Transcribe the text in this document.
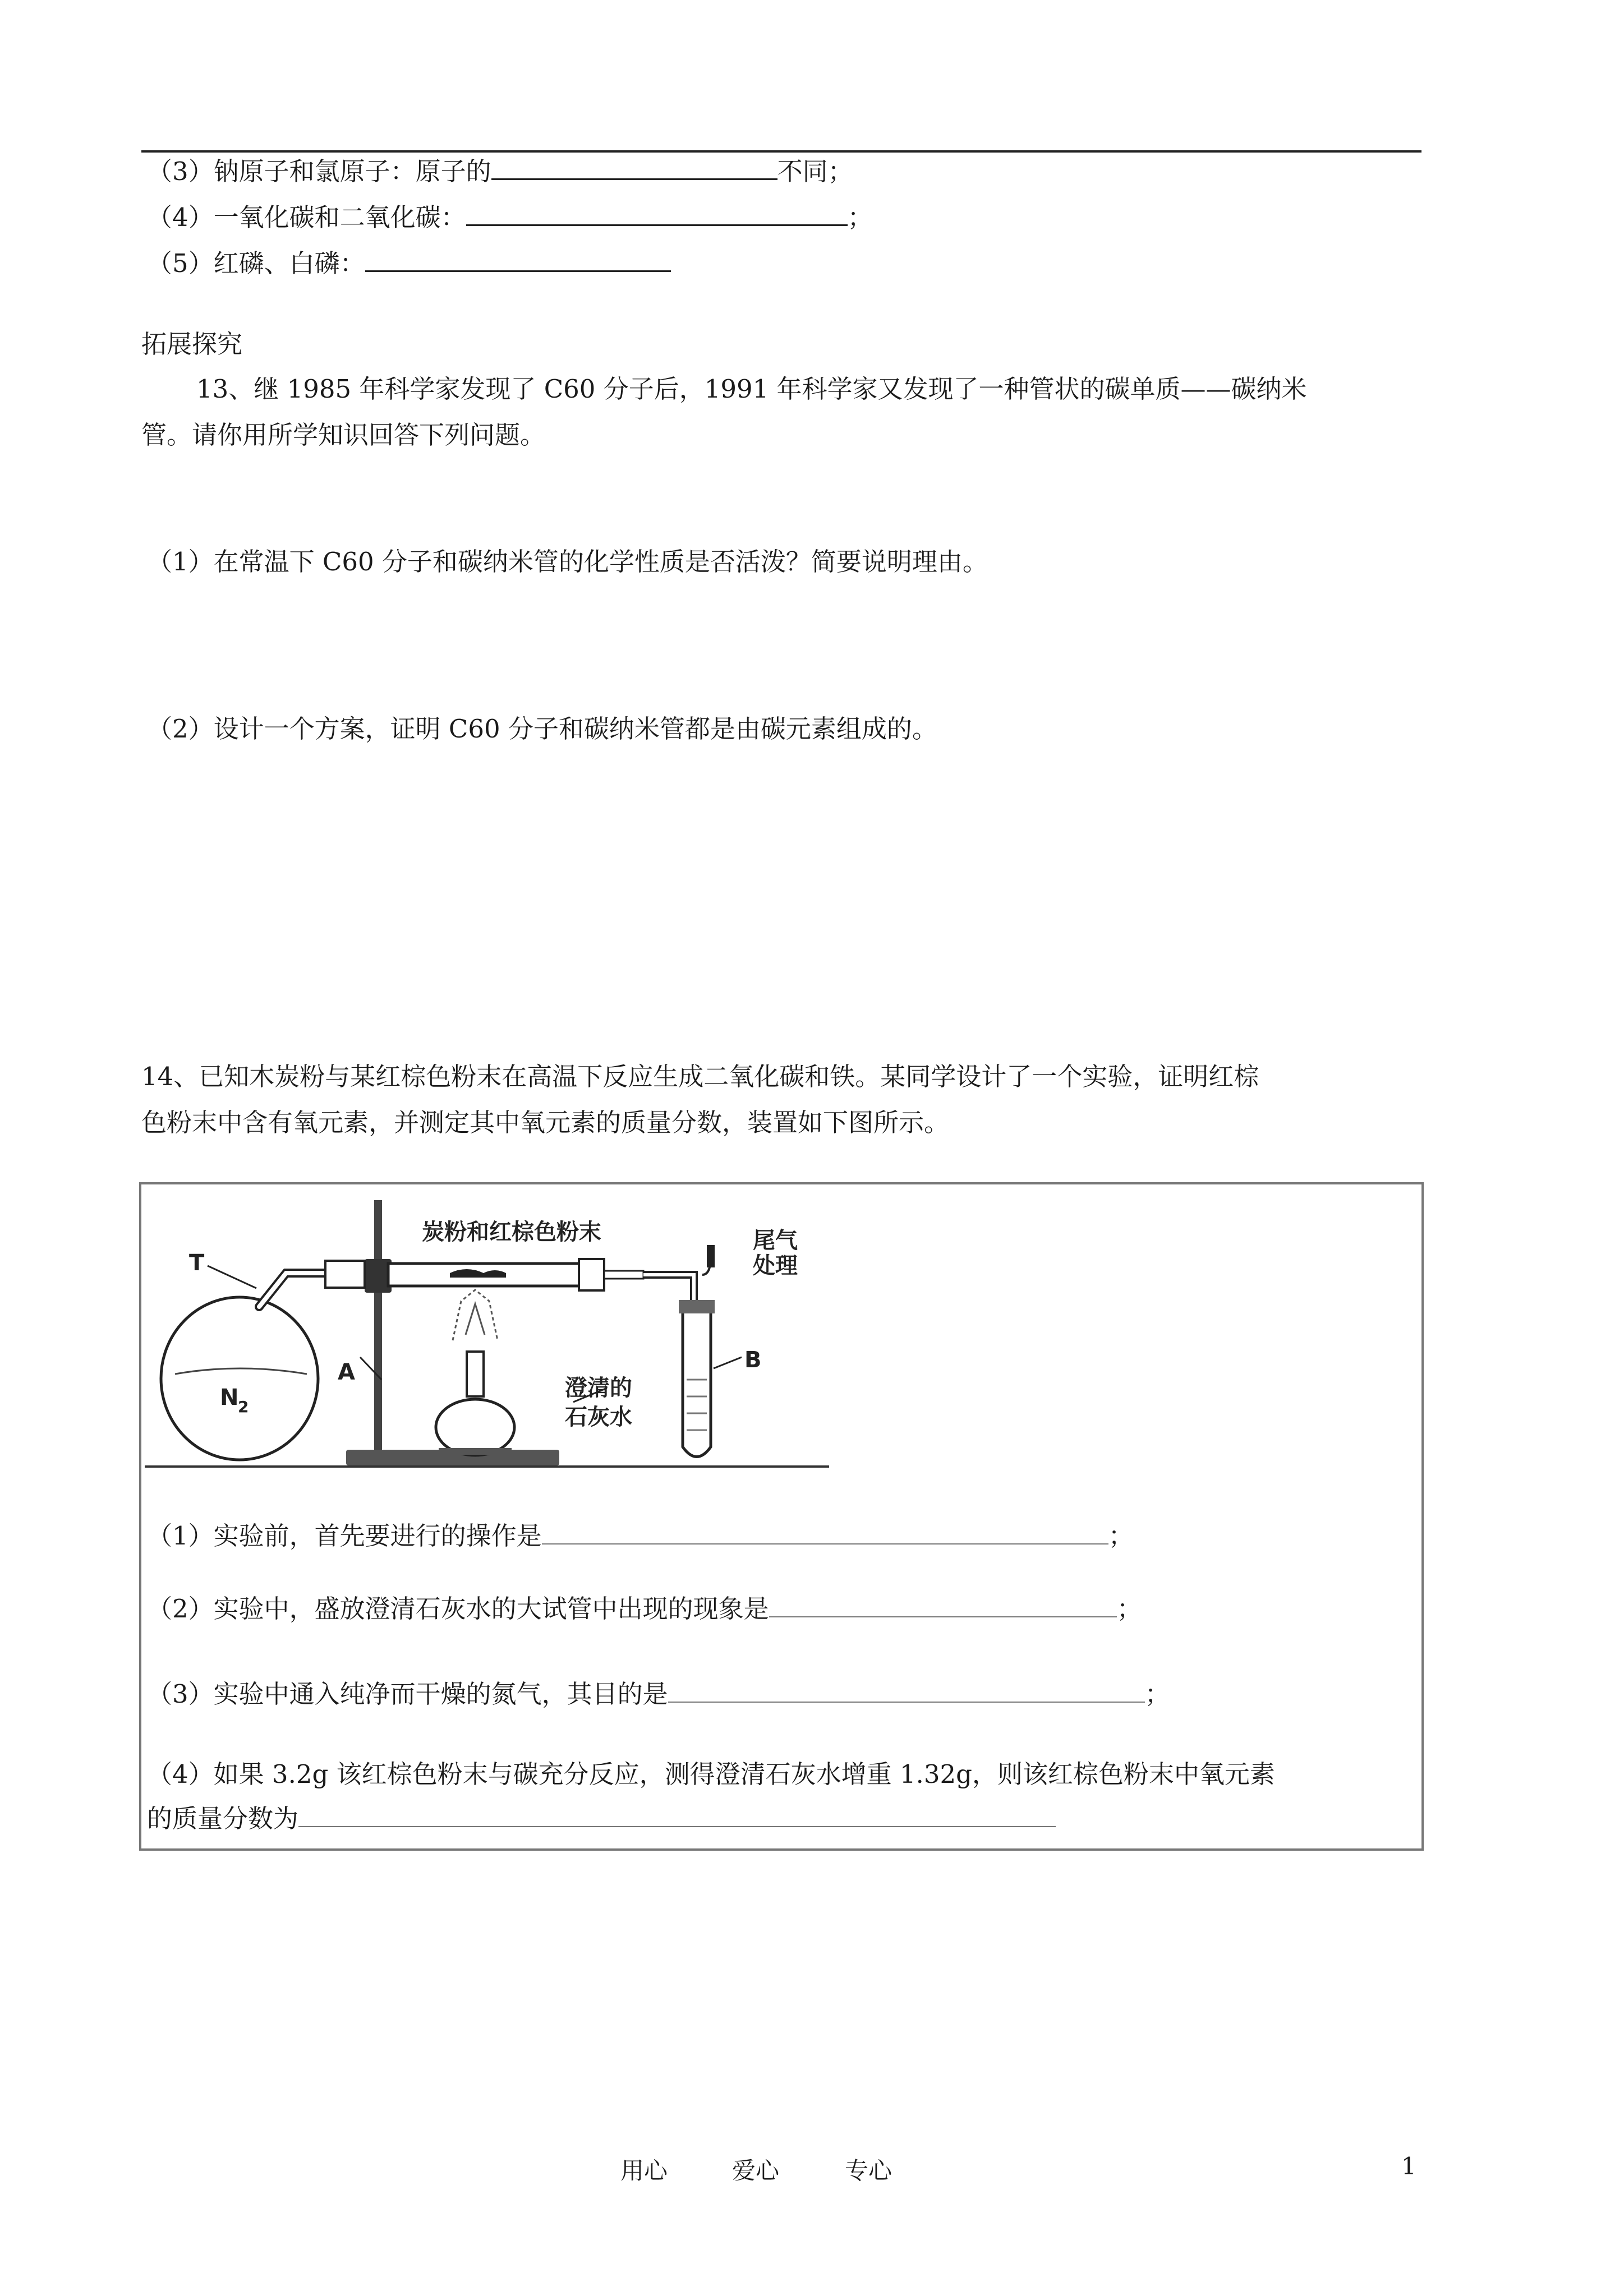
（3）钠原子和氯原子：原子的	不同；
（4）一氧化碳和二氧化碳：	；
（5）红磷、白磷：
拓展探究
13、继 1985 年科学家发现了 C60 分子后，1991 年科学家又发现了一种管状的碳单质——碳纳米
管。请你用所学知识回答下列问题。
（1）在常温下 C60 分子和碳纳米管的化学性质是否活泼？简要说明理由。
（2）设计一个方案，证明 C60 分子和碳纳米管都是由碳元素组成的。
14、已知木炭粉与某红棕色粉末在高温下反应生成二氧化碳和铁。某同学设计了一个实验，证明红棕
色粉末中含有氧元素，并测定其中氧元素的质量分数，装置如下图所示。
炭粉和红棕色粉末	尾气
处理
T
A
N
2
B
澄清的
石灰水
（1）实验前，首先要进行的操作是	；
（2）实验中，盛放澄清石灰水的大试管中出现的现象是	；
（3）实验中通入纯净而干燥的氮气，其目的是	；
（4）如果 3.2g 该红棕色粉末与碳充分反应，测得澄清石灰水增重 1.32g，则该红棕色粉末中氧元素
的质量分数为
用心	爱心	专心	1
